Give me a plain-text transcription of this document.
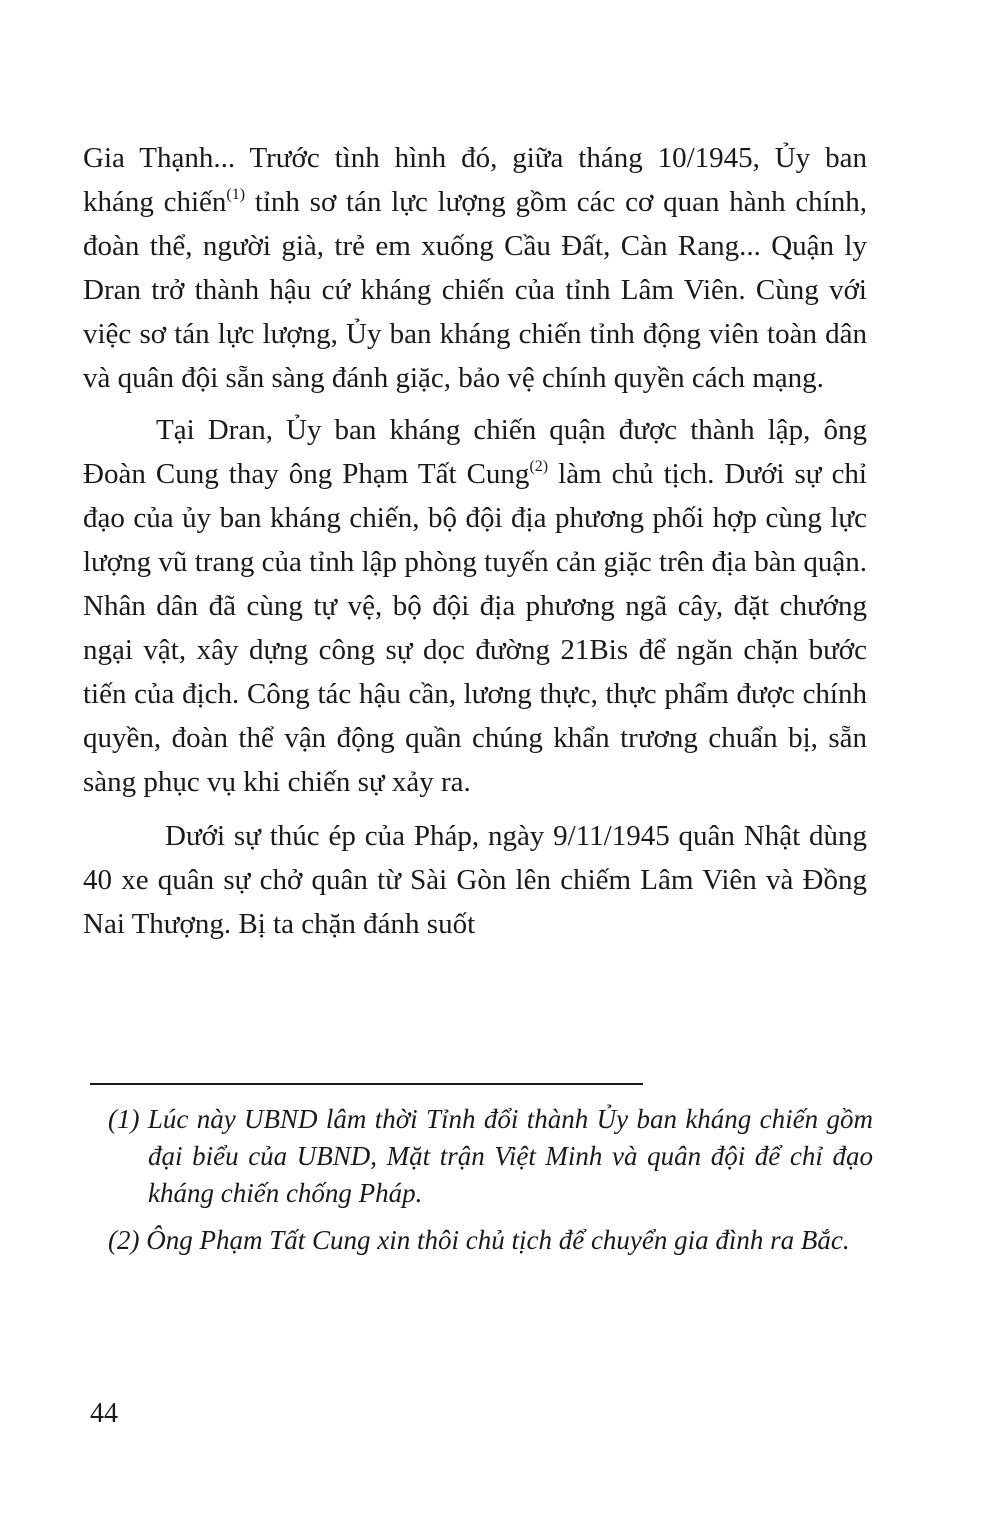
Gia Thạnh... Trước tình hình đó, giữa tháng 10/1945, Ủy ban kháng chiến$^{(1)}$ tỉnh sơ tán lực lượng gồm các cơ quan hành chính, đoàn thể, người già, trẻ em xuống Cầu Đất, Càn Rang... Quận ly Dran trở thành hậu cứ kháng chiến của tỉnh Lâm Viên. Cùng với việc sơ tán lực lượng, Ủy ban kháng chiến tỉnh động viên toàn dân và quân đội sẵn sàng đánh giặc, bảo vệ chính quyền cách mạng.

Tại Dran, Ủy ban kháng chiến quận được thành lập, ông Đoàn Cung thay ông Phạm Tất Cung$^{(2)}$ làm chủ tịch. Dưới sự chỉ đạo của ủy ban kháng chiến, bộ đội địa phương phối hợp cùng lực lượng vũ trang của tỉnh lập phòng tuyến cản giặc trên địa bàn quận. Nhân dân đã cùng tự vệ, bộ đội địa phương ngã cây, đặt chướng ngại vật, xây dựng công sự dọc đường 21Bis để ngăn chặn bước tiến của địch. Công tác hậu cần, lương thực, thực phẩm được chính quyền, đoàn thể vận động quần chúng khẩn trương chuẩn bị, sẵn sàng phục vụ khi chiến sự xảy ra.

Dưới sự thúc ép của Pháp, ngày 9/11/1945 quân Nhật dùng 40 xe quân sự chở quân từ Sài Gòn lên chiếm Lâm Viên và Đồng Nai Thượng. Bị ta chặn đánh suốt

(1) Lúc này UBND lâm thời Tỉnh đổi thành Ủy ban kháng chiến gồm đại biểu của UBND, Mặt trận Việt Minh và quân đội để chỉ đạo kháng chiến chống Pháp.

(2) Ông Phạm Tất Cung xin thôi chủ tịch để chuyển gia đình ra Bắc.

44
